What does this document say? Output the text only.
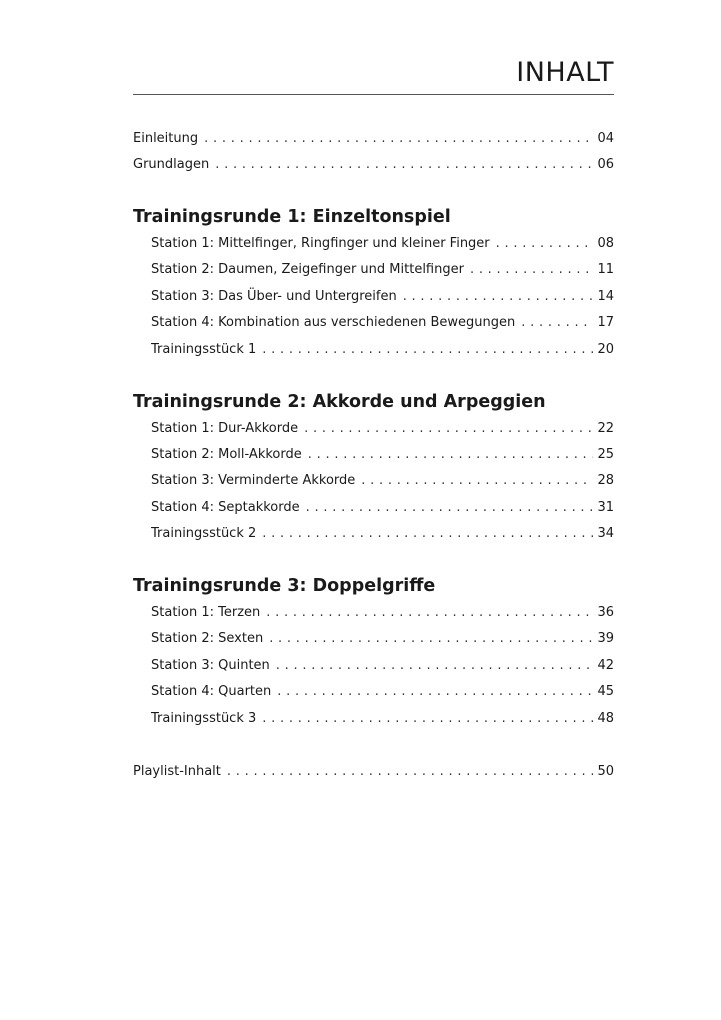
INHALT
Einleitung . . .	04
Grundlagen . . .	06
Trainingsrunde 1: Einzeltonspiel
Station 1: Mittelfinger, Ringfinger und kleiner Finger . . .	08
Station 2: Daumen, Zeigefinger und Mittelfinger . . .	11
Station 3: Das Über- und Untergreifen . . .	14
Station 4: Kombination aus verschiedenen Bewegungen . . .	17
Trainingsstück 1 . . .	20
Trainingsrunde 2: Akkorde und Arpeggien
Station 1: Dur-Akkorde . . .	22
Station 2: Moll-Akkorde . . .	25
Station 3: Verminderte Akkorde . . .	28
Station 4: Septakkorde . . .	31
Trainingsstück 2 . . .	34
Trainingsrunde 3: Doppelgriffe
Station 1: Terzen . . .	36
Station 2: Sexten . . .	39
Station 3: Quinten . . .	42
Station 4: Quarten . . .	45
Trainingsstück 3 . . .	48
Playlist-Inhalt . . .	50
